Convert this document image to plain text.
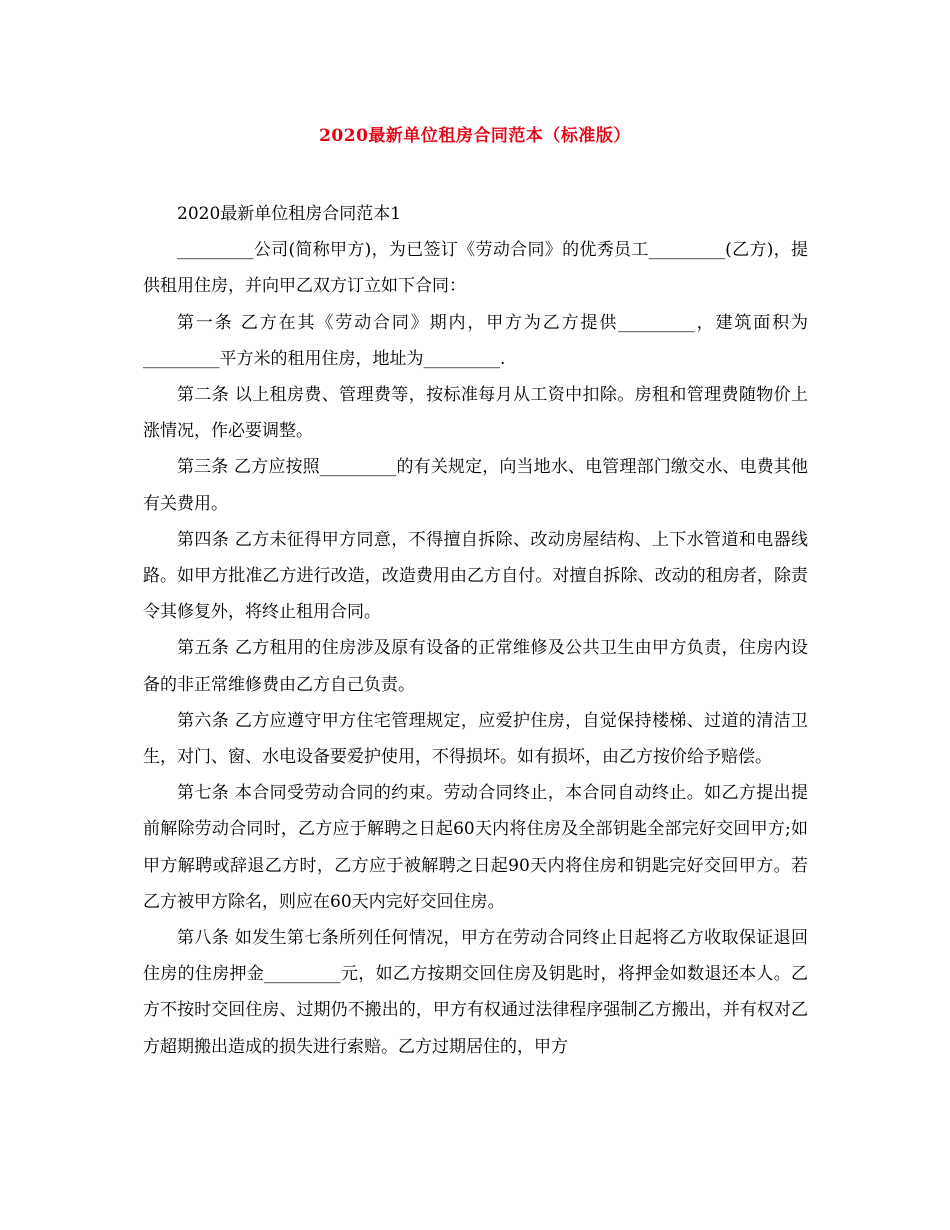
2020最新单位租房合同范本（标准版）

2020最新单位租房合同范本1

_________公司(简称甲方)，为已签订《劳动合同》的优秀员工_________(乙方)，提供租用住房，并向甲乙双方订立如下合同：

第一条 乙方在其《劳动合同》期内，甲方为乙方提供_________，建筑面积为_________平方米的租用住房，地址为_________.

第二条 以上租房费、管理费等，按标准每月从工资中扣除。房租和管理费随物价上涨情况，作必要调整。

第三条 乙方应按照_________的有关规定，向当地水、电管理部门缴交水、电费其他有关费用。

第四条 乙方未征得甲方同意，不得擅自拆除、改动房屋结构、上下水管道和电器线路。如甲方批准乙方进行改造，改造费用由乙方自付。对擅自拆除、改动的租房者，除责令其修复外，将终止租用合同。

第五条 乙方租用的住房涉及原有设备的正常维修及公共卫生由甲方负责，住房内设备的非正常维修费由乙方自己负责。

第六条 乙方应遵守甲方住宅管理规定，应爱护住房，自觉保持楼梯、过道的清洁卫生，对门、窗、水电设备要爱护使用，不得损坏。如有损坏，由乙方按价给予赔偿。

第七条 本合同受劳动合同的约束。劳动合同终止，本合同自动终止。如乙方提出提前解除劳动合同时，乙方应于解聘之日起60天内将住房及全部钥匙全部完好交回甲方;如甲方解聘或辞退乙方时，乙方应于被解聘之日起90天内将住房和钥匙完好交回甲方。若乙方被甲方除名，则应在60天内完好交回住房。

第八条 如发生第七条所列任何情况，甲方在劳动合同终止日起将乙方收取保证退回住房的住房押金_________元，如乙方按期交回住房及钥匙时，将押金如数退还本人。乙方不按时交回住房、过期仍不搬出的，甲方有权通过法律程序强制乙方搬出，并有权对乙方超期搬出造成的损失进行索赔。乙方过期居住的，甲方
